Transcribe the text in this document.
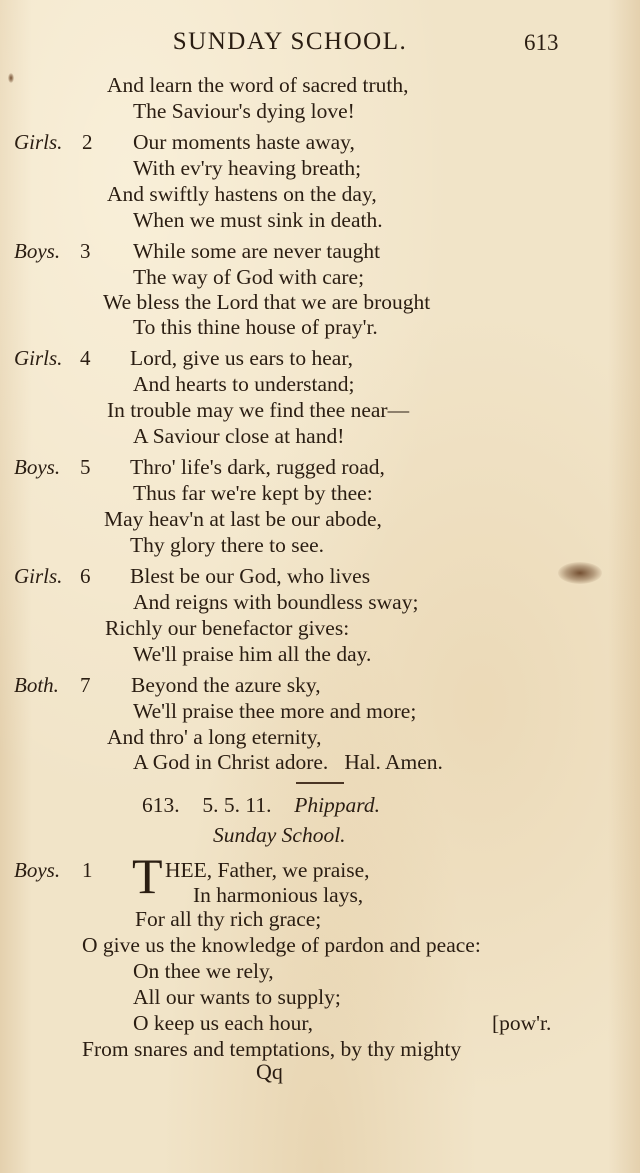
SUNDAY SCHOOL.	613
And learn the word of sacred truth,
The Saviour's dying love!
Girls. 2 Our moments haste away,
With ev'ry heaving breath;
And swiftly hastens on the day,
When we must sink in death.
Boys. 3 While some are never taught
The way of God with care;
We bless the Lord that we are brought
To this thine house of pray'r.
Girls. 4 Lord, give us ears to hear,
And hearts to understand;
In trouble may we find thee near—
A Saviour close at hand!
Boys. 5 Thro' life's dark, rugged road,
Thus far we're kept by thee:
May heav'n at last be our abode,
Thy glory there to see.
Girls. 6 Blest be our God, who lives
And reigns with boundless sway;
Richly our benefactor gives:
We'll praise him all the day.
Both. 7 Beyond the azure sky,
We'll praise thee more and more;
And thro' a long eternity,
A God in Christ adore.   Hal. Amen.
613. 5. 5. 11. Phippard.
Sunday School.
Boys. 1 T HEE, Father, we praise,
In harmonious lays,
For all thy rich grace;
O give us the knowledge of pardon and peace:
On thee we rely,
All our wants to supply;
O keep us each hour,	[pow'r.
From snares and temptations, by thy mighty
Qq
